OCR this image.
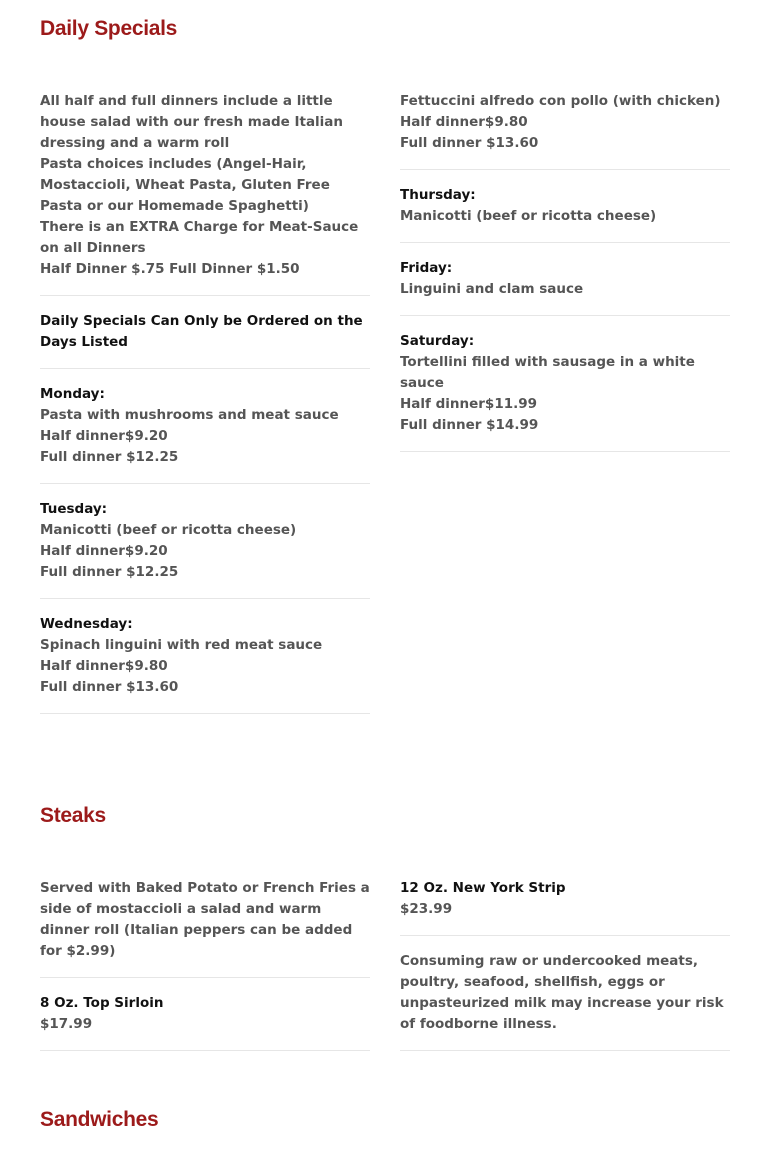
Daily Specials
All half and full dinners include a little house salad with our fresh made Italian dressing and a warm roll
Pasta choices includes (Angel-Hair, Mostaccioli, Wheat Pasta, Gluten Free Pasta or our Homemade Spaghetti)
There is an EXTRA Charge for Meat-Sauce on all Dinners
Half Dinner $.75 Full Dinner $1.50
Daily Specials Can Only be Ordered on the Days Listed
Monday:
Pasta with mushrooms and meat sauce
Half dinner$9.20
Full dinner $12.25
Tuesday:
Manicotti (beef or ricotta cheese)
Half dinner$9.20
Full dinner $12.25
Wednesday:
Spinach linguini with red meat sauce
Half dinner$9.80
Full dinner $13.60
Fettuccini alfredo con pollo (with chicken)
Half dinner$9.80
Full dinner $13.60
Thursday:
Manicotti (beef or ricotta cheese)
Friday:
Linguini and clam sauce
Saturday:
Tortellini filled with sausage in a white sauce
Half dinner$11.99
Full dinner $14.99
Steaks
Served with Baked Potato or French Fries a side of mostaccioli a salad and warm dinner roll (Italian peppers can be added for $2.99)
8 Oz. Top Sirloin
$17.99
12 Oz. New York Strip
$23.99
Consuming raw or undercooked meats, poultry, seafood, shellfish, eggs or unpasteurized milk may increase your risk of foodborne illness.
Sandwiches
